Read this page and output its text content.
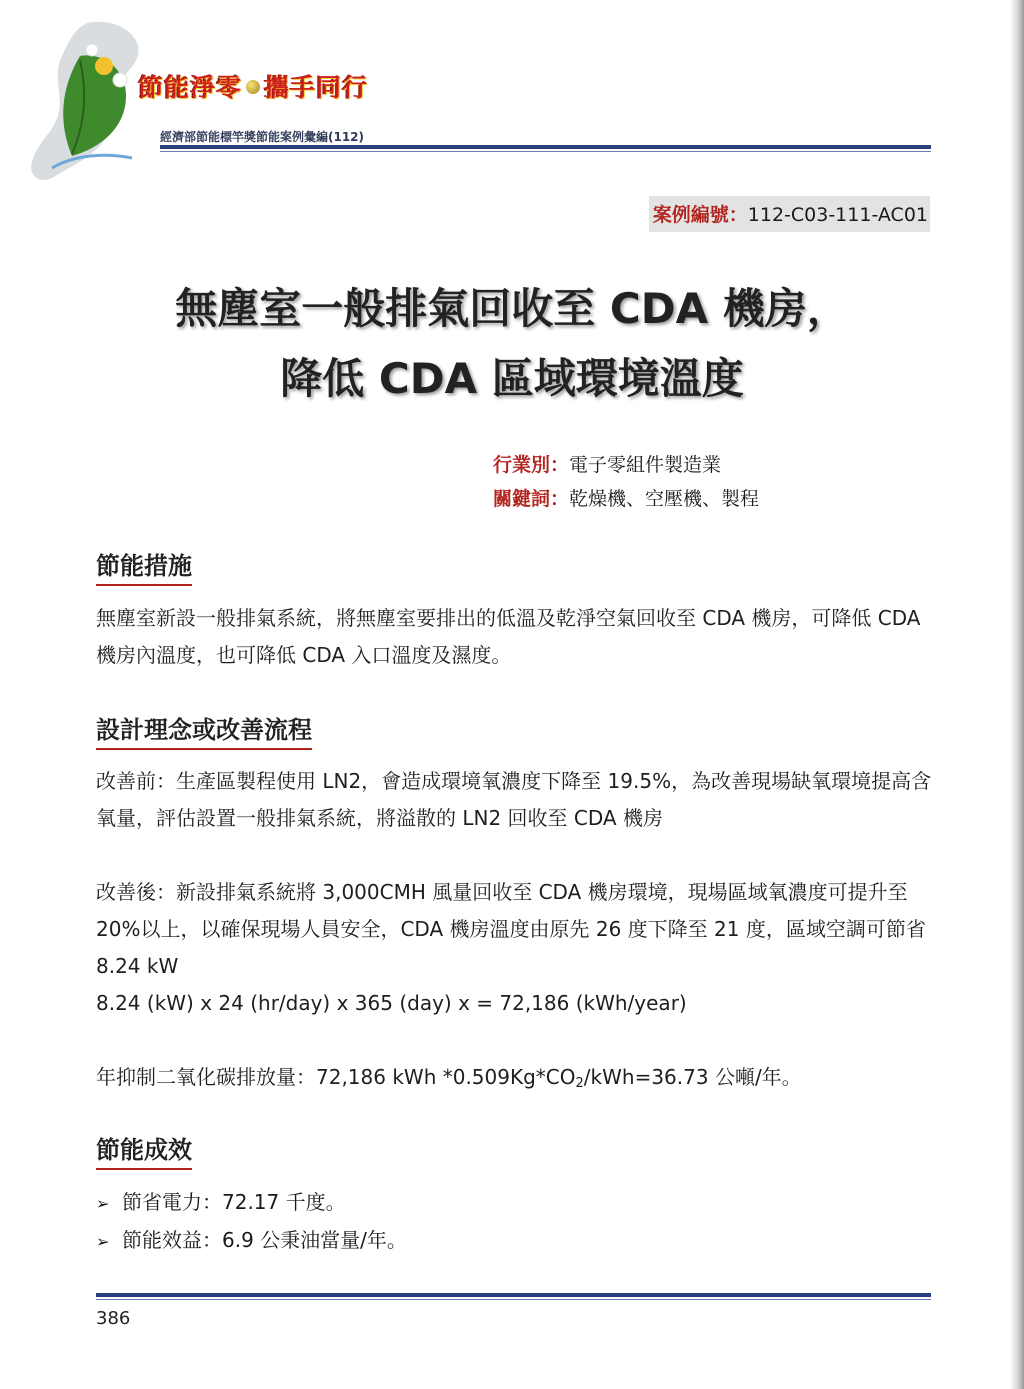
節能淨零 攜手同行

經濟部節能標竿獎節能案例彙編(112)

案例編號：112-C03-111-AC01
無塵室一般排氣回收至 CDA 機房，
降低 CDA 區域環境溫度
行業別：電子零組件製造業
關鍵詞：乾燥機、空壓機、製程
節能措施

無塵室新設一般排氣系統，將無塵室要排出的低溫及乾淨空氣回收至 CDA 機房，可降低 CDA 機房內溫度，也可降低 CDA 入口溫度及濕度。

設計理念或改善流程

改善前：生產區製程使用 LN2，會造成環境氧濃度下降至 19.5%，為改善現場缺氧環境提高含氧量，評估設置一般排氣系統，將溢散的 LN2 回收至 CDA 機房

改善後：新設排氣系統將 3,000CMH 風量回收至 CDA 機房環境，現場區域氧濃度可提升至 20%以上，以確保現場人員安全，CDA 機房溫度由原先 26 度下降至 21 度，區域空調可節省 8.24 kW

8.24 (kW) x 24 (hr/day) x 365 (day) x = 72,186 (kWh/year)

年抑制二氧化碳排放量：72,186 kWh $*0.509Kg*CO_2/kWh=36.73$ 公噸/年。

節能成效
➢ 節省電力：72.17 千度。
➢ 節能效益：6.9 公秉油當量/年。
386
